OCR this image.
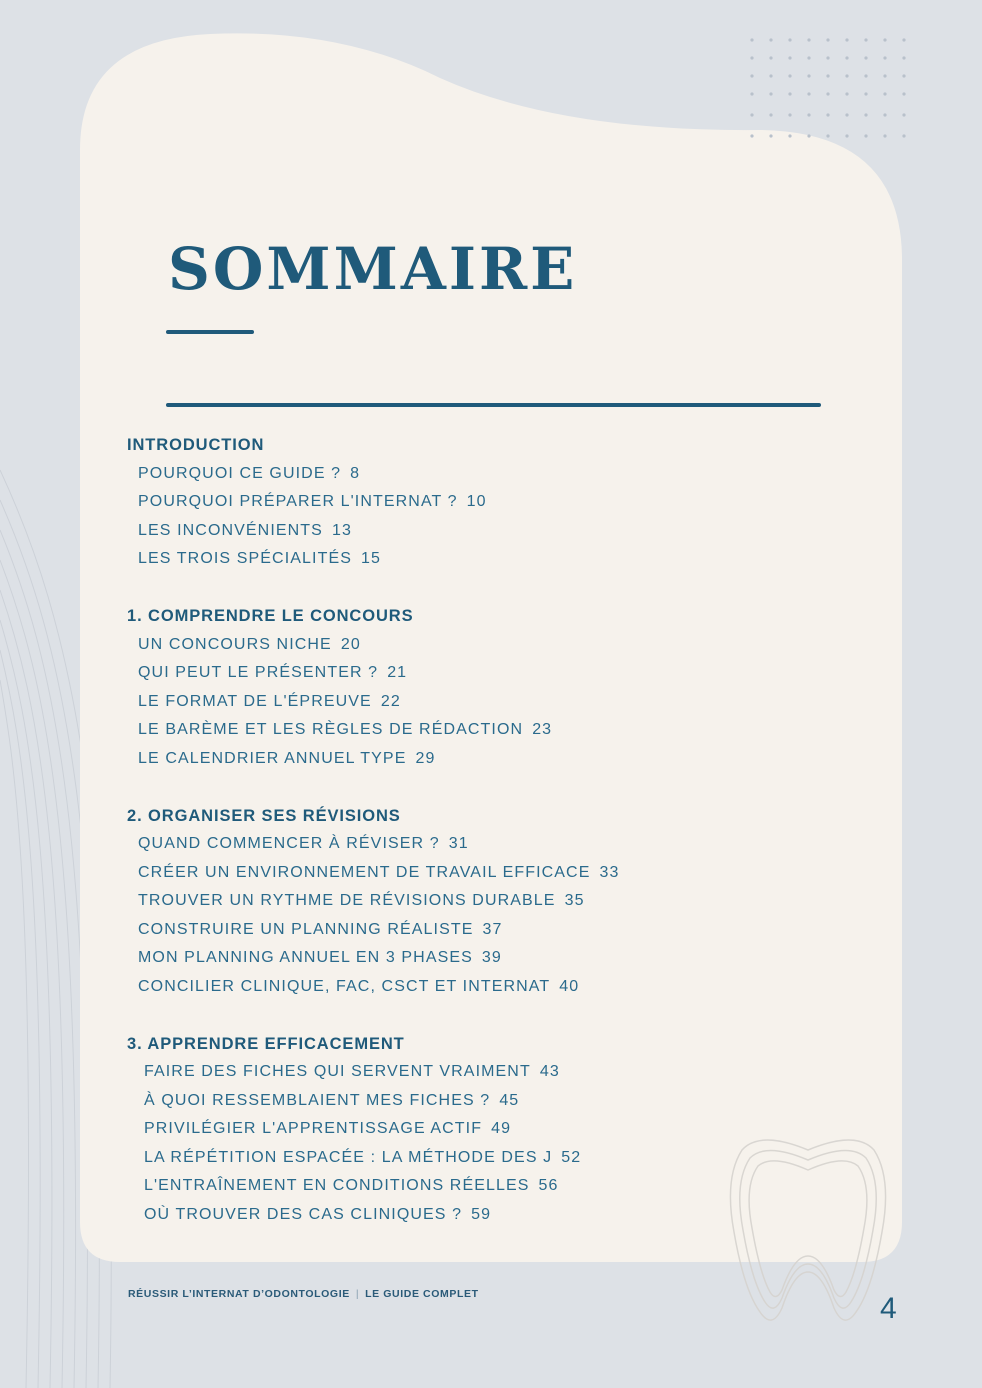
SOMMAIRE
INTRODUCTION
POURQUOI CE GUIDE ? 8
POURQUOI PRÉPARER L'INTERNAT ? 10
LES INCONVÉNIENTS 13
LES TROIS SPÉCIALITÉS 15
1. COMPRENDRE LE CONCOURS
UN CONCOURS NICHE 20
QUI PEUT LE PRÉSENTER ? 21
LE FORMAT DE L'ÉPREUVE 22
LE BARÈME ET LES RÈGLES DE RÉDACTION 23
LE CALENDRIER ANNUEL TYPE 29
2. ORGANISER SES RÉVISIONS
QUAND COMMENCER À RÉVISER ? 31
CRÉER UN ENVIRONNEMENT DE TRAVAIL EFFICACE 33
TROUVER UN RYTHME DE RÉVISIONS DURABLE 35
CONSTRUIRE UN PLANNING RÉALISTE 37
MON PLANNING ANNUEL EN 3 PHASES 39
CONCILIER CLINIQUE, FAC, CSCT ET INTERNAT 40
3. APPRENDRE EFFICACEMENT
FAIRE DES FICHES QUI SERVENT VRAIMENT 43
À QUOI RESSEMBLAIENT MES FICHES ? 45
PRIVILÉGIER L'APPRENTISSAGE ACTIF 49
LA RÉPÉTITION ESPACÉE : LA MÉTHODE DES J 52
L'ENTRAÎNEMENT EN CONDITIONS RÉELLES 56
OÙ TROUVER DES CAS CLINIQUES ? 59
RÉUSSIR L’INTERNAT D’ODONTOLOGIE | LE GUIDE COMPLET	4
